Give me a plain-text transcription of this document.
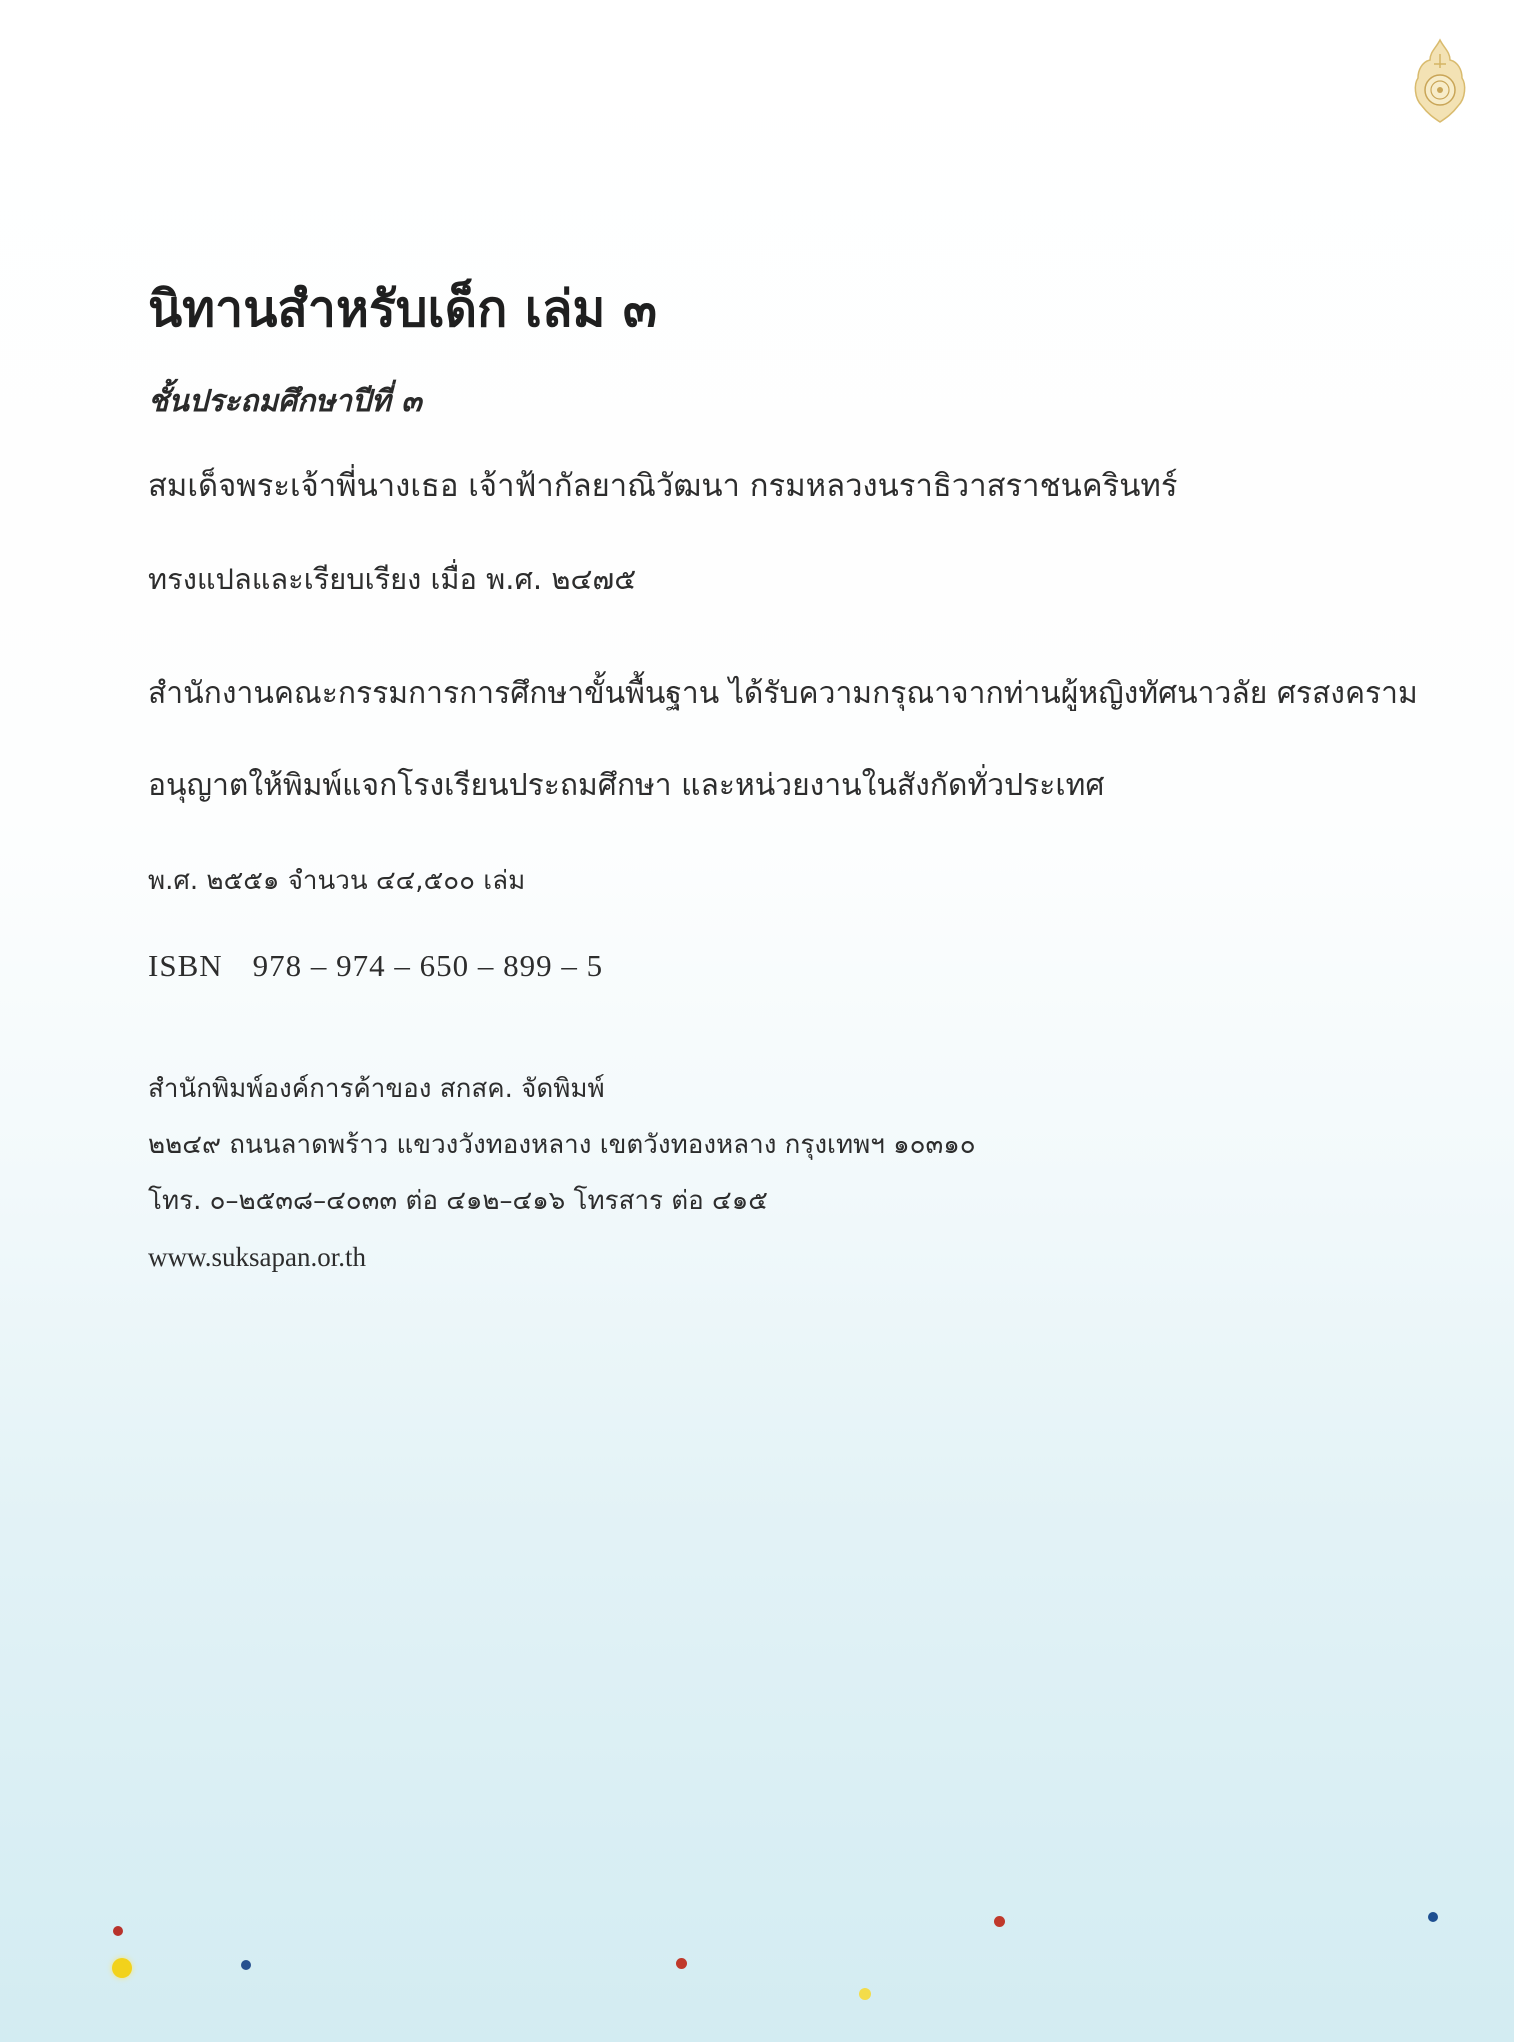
นิทานสำหรับเด็ก เล่ม ๓
ชั้นประถมศึกษาปีที่ ๓
สมเด็จพระเจ้าพี่นางเธอ เจ้าฟ้ากัลยาณิวัฒนา กรมหลวงนราธิวาสราชนครินทร์
ทรงแปลและเรียบเรียง เมื่อ พ.ศ. ๒๔๗๕
สำนักงานคณะกรรมการการศึกษาขั้นพื้นฐาน ได้รับความกรุณาจากท่านผู้หญิงทัศนาวลัย ศรสงคราม
อนุญาตให้พิมพ์แจกโรงเรียนประถมศึกษา และหน่วยงานในสังกัดทั่วประเทศ
พ.ศ. ๒๕๕๑ จำนวน ๔๔,๕๐๐ เล่ม
ISBN 978 – 974 – 650 – 899 – 5
สำนักพิมพ์องค์การค้าของ สกสค. จัดพิมพ์
๒๒๔๙ ถนนลาดพร้าว แขวงวังทองหลาง เขตวังทองหลาง กรุงเทพฯ ๑๐๓๑๐
โทร. ๐–๒๕๓๘–๔๐๓๓ ต่อ ๔๑๒–๔๑๖ โทรสาร ต่อ ๔๑๕
www.suksapan.or.th
